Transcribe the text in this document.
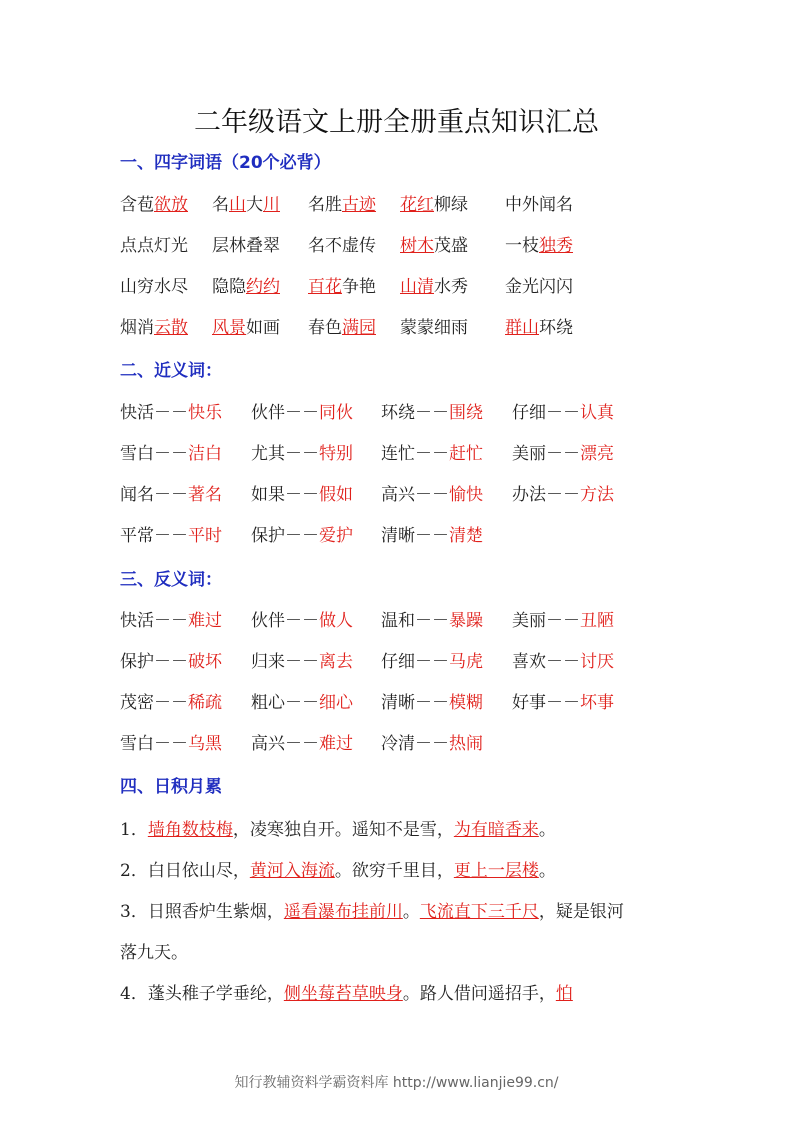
二年级语文上册全册重点知识汇总
一、四字词语（20个必背）
含苞欲放 名山大川 名胜古迹 花红柳绿 中外闻名
点点灯光 层林叠翠 名不虚传 树木茂盛 一枝独秀
山穷水尽 隐隐约约 百花争艳 山清水秀 金光闪闪
烟消云散 风景如画 春色满园 蒙蒙细雨 群山环绕
二、近义词：
快活－－快乐 伙伴－－同伙 环绕－－围绕 仔细－－认真
雪白－－洁白 尤其－－特别 连忙－－赶忙 美丽－－漂亮
闻名－－著名 如果－－假如 高兴－－愉快 办法－－方法
平常－－平时 保护－－爱护 清晰－－清楚
三、反义词：
快活－－难过 伙伴－－做人 温和－－暴躁 美丽－－丑陋
保护－－破坏 归来－－离去 仔细－－马虎 喜欢－－讨厌
茂密－－稀疏 粗心－－细心 清晰－－模糊 好事－－坏事
雪白－－乌黑 高兴－－难过 冷清－－热闹
四、日积月累
1．墙角数枝梅，凌寒独自开。遥知不是雪，为有暗香来。
2．白日依山尽，黄河入海流。欲穷千里目，更上一层楼。
3．日照香炉生紫烟，遥看瀑布挂前川。飞流直下三千尺，疑是银河
落九天。
4．蓬头稚子学垂纶，侧坐莓苔草映身。路人借问遥招手，怕
知行教辅资料学霸资料库 http://www.lianjie99.cn/
